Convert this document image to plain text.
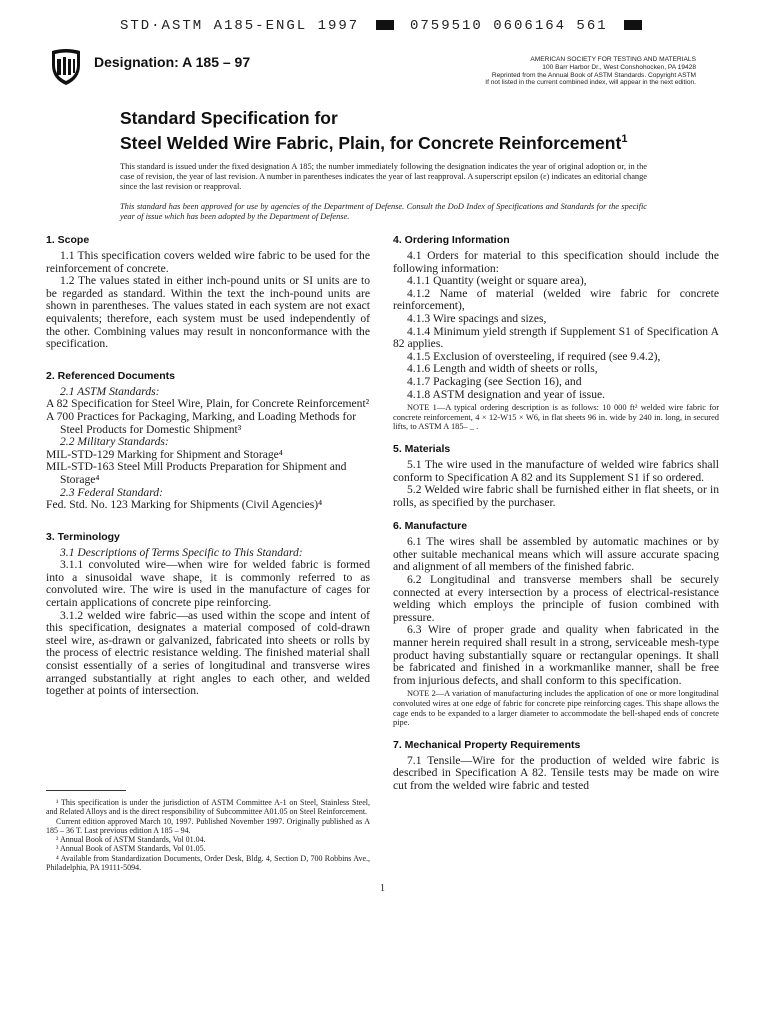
STD·ASTM A185-ENGL 1997	0759510 0606164 561
Designation: A 185 – 97	AMERICAN SOCIETY FOR TESTING AND MATERIALS
100 Barr Harbor Dr., West Conshohocken, PA 19428
Reprinted from the Annual Book of ASTM Standards. Copyright ASTM
If not listed in the current combined index, will appear in the next edition.
Standard Specification for
Steel Welded Wire Fabric, Plain, for Concrete Reinforcement$^1$
This standard is issued under the fixed designation A 185; the number immediately following the designation indicates the year of original adoption or, in the case of revision, the year of last revision. A number in parentheses indicates the year of last reapproval. A superscript epsilon (ε) indicates an editorial change since the last revision or reapproval.
This standard has been approved for use by agencies of the Department of Defense. Consult the DoD Index of Specifications and Standards for the specific year of issue which has been adopted by the Department of Defense.
1. Scope

1.1 This specification covers welded wire fabric to be used for the reinforcement of concrete.

1.2 The values stated in either inch-pound units or SI units are to be regarded as standard. Within the text the inch-pound units are shown in parentheses. The values stated in each system are not exact equivalents; therefore, each system must be used independently of the other. Combining values may result in nonconformance with the specification.

2. Referenced Documents

2.1 ASTM Standards:

A 82 Specification for Steel Wire, Plain, for Concrete Reinforcement²

A 700 Practices for Packaging, Marking, and Loading Methods for Steel Products for Domestic Shipment³

2.2 Military Standards:

MIL-STD-129 Marking for Shipment and Storage⁴

MIL-STD-163 Steel Mill Products Preparation for Shipment and Storage⁴

2.3 Federal Standard:

Fed. Std. No. 123 Marking for Shipments (Civil Agencies)⁴

3. Terminology

3.1 Descriptions of Terms Specific to This Standard:

3.1.1 convoluted wire—when wire for welded fabric is formed into a sinusoidal wave shape, it is commonly referred to as convoluted wire. The wire is used in the manufacture of cages for certain applications of concrete pipe reinforcing.

3.1.2 welded wire fabric—as used within the scope and intent of this specification, designates a material composed of cold-drawn steel wire, as-drawn or galvanized, fabricated into sheets or rolls by the process of electric resistance welding. The finished material shall consist essentially of a series of longitudinal and transverse wires arranged substantially at right angles to each other, and welded together at points of intersection.

¹ This specification is under the jurisdiction of ASTM Committee A-1 on Steel, Stainless Steel, and Related Alloys and is the direct responsibility of Subcommittee A01.05 on Steel Reinforcement.

Current edition approved March 10, 1997. Published November 1997. Originally published as A 185 – 36 T. Last previous edition A 185 – 94.

² Annual Book of ASTM Standards, Vol 01.04.

³ Annual Book of ASTM Standards, Vol 01.05.

⁴ Available from Standardization Documents, Order Desk, Bldg. 4, Section D, 700 Robbins Ave., Philadelphia, PA 19111-5094.

4. Ordering Information

4.1 Orders for material to this specification should include the following information:

4.1.1 Quantity (weight or square area),

4.1.2 Name of material (welded wire fabric for concrete reinforcement),

4.1.3 Wire spacings and sizes,

4.1.4 Minimum yield strength if Supplement S1 of Specification A 82 applies.

4.1.5 Exclusion of oversteeling, if required (see 9.4.2),

4.1.6 Length and width of sheets or rolls,

4.1.7 Packaging (see Section 16), and

4.1.8 ASTM designation and year of issue.

NOTE 1—A typical ordering description is as follows: 10 000 ft² welded wire fabric for concrete reinforcement, 4 × 12-W15 × W6, in flat sheets 96 in. wide by 240 in. long, in secured lifts, to ASTM A 185– _ .

5. Materials

5.1 The wire used in the manufacture of welded wire fabrics shall conform to Specification A 82 and its Supplement S1 if so ordered.

5.2 Welded wire fabric shall be furnished either in flat sheets, or in rolls, as specified by the purchaser.

6. Manufacture

6.1 The wires shall be assembled by automatic machines or by other suitable mechanical means which will assure accurate spacing and alignment of all members of the finished fabric.

6.2 Longitudinal and transverse members shall be securely connected at every intersection by a process of electrical-resistance welding which employs the principle of fusion combined with pressure.

6.3 Wire of proper grade and quality when fabricated in the manner herein required shall result in a strong, serviceable mesh-type product having substantially square or rectangular openings. It shall be fabricated and finished in a workmanlike manner, shall be free from injurious defects, and shall conform to this specification.

NOTE 2—A variation of manufacturing includes the application of one or more longitudinal convoluted wires at one edge of fabric for concrete pipe reinforcing cages. This shape allows the cage ends to be expanded to a larger diameter to accommodate the bell-shaped ends of concrete pipe.

7. Mechanical Property Requirements

7.1 Tensile—Wire for the production of welded wire fabric is described in Specification A 82. Tensile tests may be made on wire cut from the welded wire fabric and tested

1
